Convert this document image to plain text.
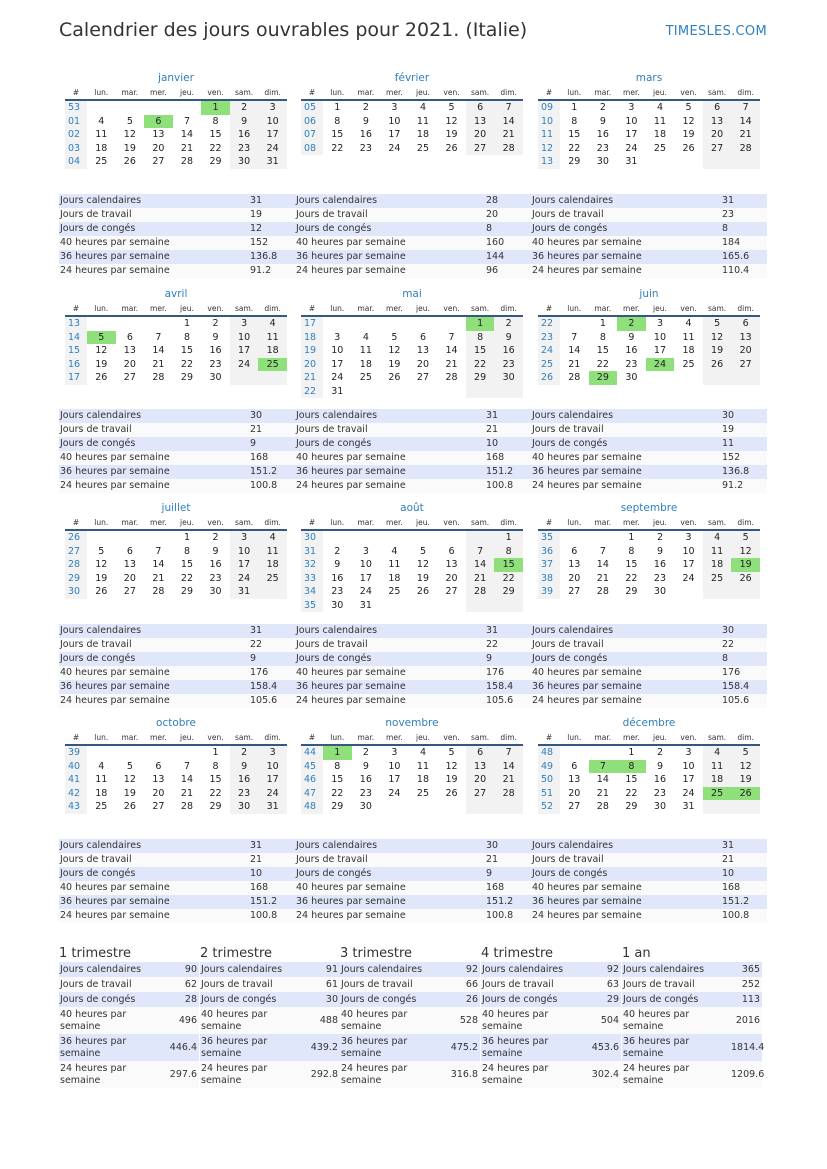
Calendrier des jours ouvrables pour 2021. (Italie)	TIMESLES.COM
janvier
#	lun.	mar.	mer.	jeu.	ven.	sam.	dim.
53					1	2	3
01	4	5	6	7	8	9	10
02	11	12	13	14	15	16	17
03	18	19	20	21	22	23	24
04	25	26	27	28	29	30	31
Jours calendaires	31
Jours de travail	19
Jours de congés	12
40 heures par semaine	152
36 heures par semaine	136.8
24 heures par semaine	91.2
février
#	lun.	mar.	mer.	jeu.	ven.	sam.	dim.
05	1	2	3	4	5	6	7
06	8	9	10	11	12	13	14
07	15	16	17	18	19	20	21
08	22	23	24	25	26	27	28
Jours calendaires	28
Jours de travail	20
Jours de congés	8
40 heures par semaine	160
36 heures par semaine	144
24 heures par semaine	96
mars
#	lun.	mar.	mer.	jeu.	ven.	sam.	dim.
09	1	2	3	4	5	6	7
10	8	9	10	11	12	13	14
11	15	16	17	18	19	20	21
12	22	23	24	25	26	27	28
13	29	30	31				
Jours calendaires	31
Jours de travail	23
Jours de congés	8
40 heures par semaine	184
36 heures par semaine	165.6
24 heures par semaine	110.4
avril
#	lun.	mar.	mer.	jeu.	ven.	sam.	dim.
13				1	2	3	4
14	5	6	7	8	9	10	11
15	12	13	14	15	16	17	18
16	19	20	21	22	23	24	25
17	26	27	28	29	30		
Jours calendaires	30
Jours de travail	21
Jours de congés	9
40 heures par semaine	168
36 heures par semaine	151.2
24 heures par semaine	100.8
mai
#	lun.	mar.	mer.	jeu.	ven.	sam.	dim.
17						1	2
18	3	4	5	6	7	8	9
19	10	11	12	13	14	15	16
20	17	18	19	20	21	22	23
21	24	25	26	27	28	29	30
22	31						
Jours calendaires	31
Jours de travail	21
Jours de congés	10
40 heures par semaine	168
36 heures par semaine	151.2
24 heures par semaine	100.8
juin
#	lun.	mar.	mer.	jeu.	ven.	sam.	dim.
22		1	2	3	4	5	6
23	7	8	9	10	11	12	13
24	14	15	16	17	18	19	20
25	21	22	23	24	25	26	27
26	28	29	30				
Jours calendaires	30
Jours de travail	19
Jours de congés	11
40 heures par semaine	152
36 heures par semaine	136.8
24 heures par semaine	91.2
juillet
#	lun.	mar.	mer.	jeu.	ven.	sam.	dim.
26				1	2	3	4
27	5	6	7	8	9	10	11
28	12	13	14	15	16	17	18
29	19	20	21	22	23	24	25
30	26	27	28	29	30	31	
Jours calendaires	31
Jours de travail	22
Jours de congés	9
40 heures par semaine	176
36 heures par semaine	158.4
24 heures par semaine	105.6
août
#	lun.	mar.	mer.	jeu.	ven.	sam.	dim.
30							1
31	2	3	4	5	6	7	8
32	9	10	11	12	13	14	15
33	16	17	18	19	20	21	22
34	23	24	25	26	27	28	29
35	30	31					
Jours calendaires	31
Jours de travail	22
Jours de congés	9
40 heures par semaine	176
36 heures par semaine	158.4
24 heures par semaine	105.6
septembre
#	lun.	mar.	mer.	jeu.	ven.	sam.	dim.
35			1	2	3	4	5
36	6	7	8	9	10	11	12
37	13	14	15	16	17	18	19
38	20	21	22	23	24	25	26
39	27	28	29	30			
Jours calendaires	30
Jours de travail	22
Jours de congés	8
40 heures par semaine	176
36 heures par semaine	158.4
24 heures par semaine	105.6
octobre
#	lun.	mar.	mer.	jeu.	ven.	sam.	dim.
39					1	2	3
40	4	5	6	7	8	9	10
41	11	12	13	14	15	16	17
42	18	19	20	21	22	23	24
43	25	26	27	28	29	30	31
Jours calendaires	31
Jours de travail	21
Jours de congés	10
40 heures par semaine	168
36 heures par semaine	151.2
24 heures par semaine	100.8
novembre
#	lun.	mar.	mer.	jeu.	ven.	sam.	dim.
44	1	2	3	4	5	6	7
45	8	9	10	11	12	13	14
46	15	16	17	18	19	20	21
47	22	23	24	25	26	27	28
48	29	30					
Jours calendaires	30
Jours de travail	21
Jours de congés	9
40 heures par semaine	168
36 heures par semaine	151.2
24 heures par semaine	100.8
décembre
#	lun.	mar.	mer.	jeu.	ven.	sam.	dim.
48			1	2	3	4	5
49	6	7	8	9	10	11	12
50	13	14	15	16	17	18	19
51	20	21	22	23	24	25	26
52	27	28	29	30	31		
Jours calendaires	31
Jours de travail	21
Jours de congés	10
40 heures par semaine	168
36 heures par semaine	151.2
24 heures par semaine	100.8
1 trimestre
Jours calendaires	90
Jours de travail	62
Jours de congés	28
40 heures par semaine	496
36 heures par semaine	446.4
24 heures par semaine	297.6
2 trimestre
Jours calendaires	91
Jours de travail	61
Jours de congés	30
40 heures par semaine	488
36 heures par semaine	439.2
24 heures par semaine	292.8
3 trimestre
Jours calendaires	92
Jours de travail	66
Jours de congés	26
40 heures par semaine	528
36 heures par semaine	475.2
24 heures par semaine	316.8
4 trimestre
Jours calendaires	92
Jours de travail	63
Jours de congés	29
40 heures par semaine	504
36 heures par semaine	453.6
24 heures par semaine	302.4
1 an
Jours calendaires	365
Jours de travail	252
Jours de congés	113
40 heures par semaine	2016
36 heures par semaine	1814.4
24 heures par semaine	1209.6
